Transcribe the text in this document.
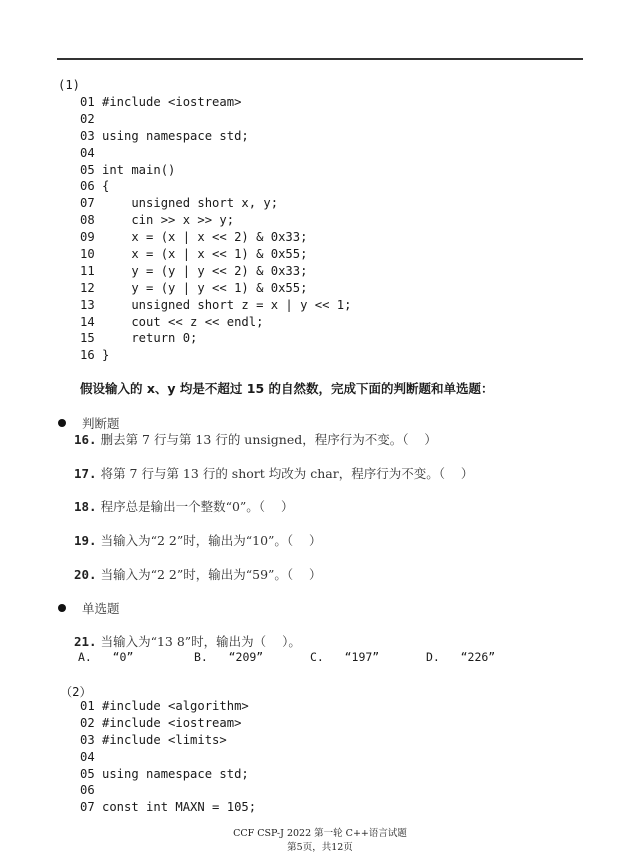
(1)
01 #include <iostream>
02
03 using namespace std;
04
05 int main()
06 {
07    unsigned short x, y;
08    cin >> x >> y;
09    x = (x | x << 2) & 0x33;
10    x = (x | x << 1) & 0x55;
11    y = (y | y << 2) & 0x33;
12    y = (y | y << 1) & 0x55;
13    unsigned short z = x | y << 1;
14    cout << z << endl;
15    return 0;
16 }
假设输入的 x、y 均是不超过 15 的自然数，完成下面的判断题和单选题：
判断题
16. 删去第 7 行与第 13 行的 unsigned，程序行为不变。（    ）
17. 将第 7 行与第 13 行的 short 均改为 char，程序行为不变。（    ）
18. 程序总是输出一个整数“0”。（    ）
19. 当输入为“2 2”时，输出为“10”。（    ）
20. 当输入为“2 2”时，输出为“59”。（    ）
单选题
21. 当输入为“13 8”时，输出为（    ）。
A.   “0”	B.   “209”	C.   “197”	D.   “226”
（2）
01 #include <algorithm>
02 #include <iostream>
03 #include <limits>
04
05 using namespace std;
06
07 const int MAXN = 105;
CCF CSP-J 2022 第一轮 C++语言试题
第5页，共12页
